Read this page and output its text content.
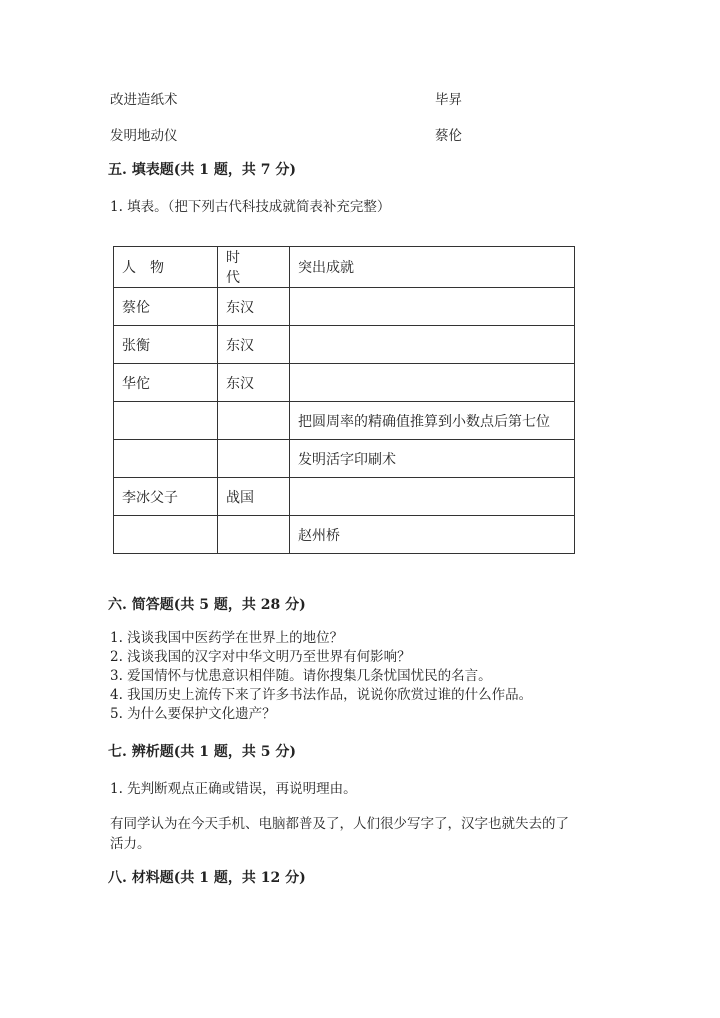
改进造纸术	毕昇
发明地动仪	蔡伦
五. 填表题(共 1 题，共 7 分)
1. 填表。（把下列古代科技成就简表补充完整）
人　物	时　　代	突出成就
蔡伦	东汉	
张衡	东汉	
华佗	东汉	
		把圆周率的精确值推算到小数点后第七位
		发明活字印刷术
李冰父子	战国	
		赵州桥
六. 简答题(共 5 题，共 28 分)
1. 浅谈我国中医药学在世界上的地位？
2. 浅谈我国的汉字对中华文明乃至世界有何影响？
3. 爱国情怀与忧患意识相伴随。请你搜集几条忧国忧民的名言。
4. 我国历史上流传下来了许多书法作品，说说你欣赏过谁的什么作品。
5. 为什么要保护文化遗产？
七. 辨析题(共 1 题，共 5 分)
1. 先判断观点正确或错误，再说明理由。
有同学认为在今天手机、电脑都普及了，人们很少写字了，汉字也就失去的了
活力。
八. 材料题(共 1 题，共 12 分)
